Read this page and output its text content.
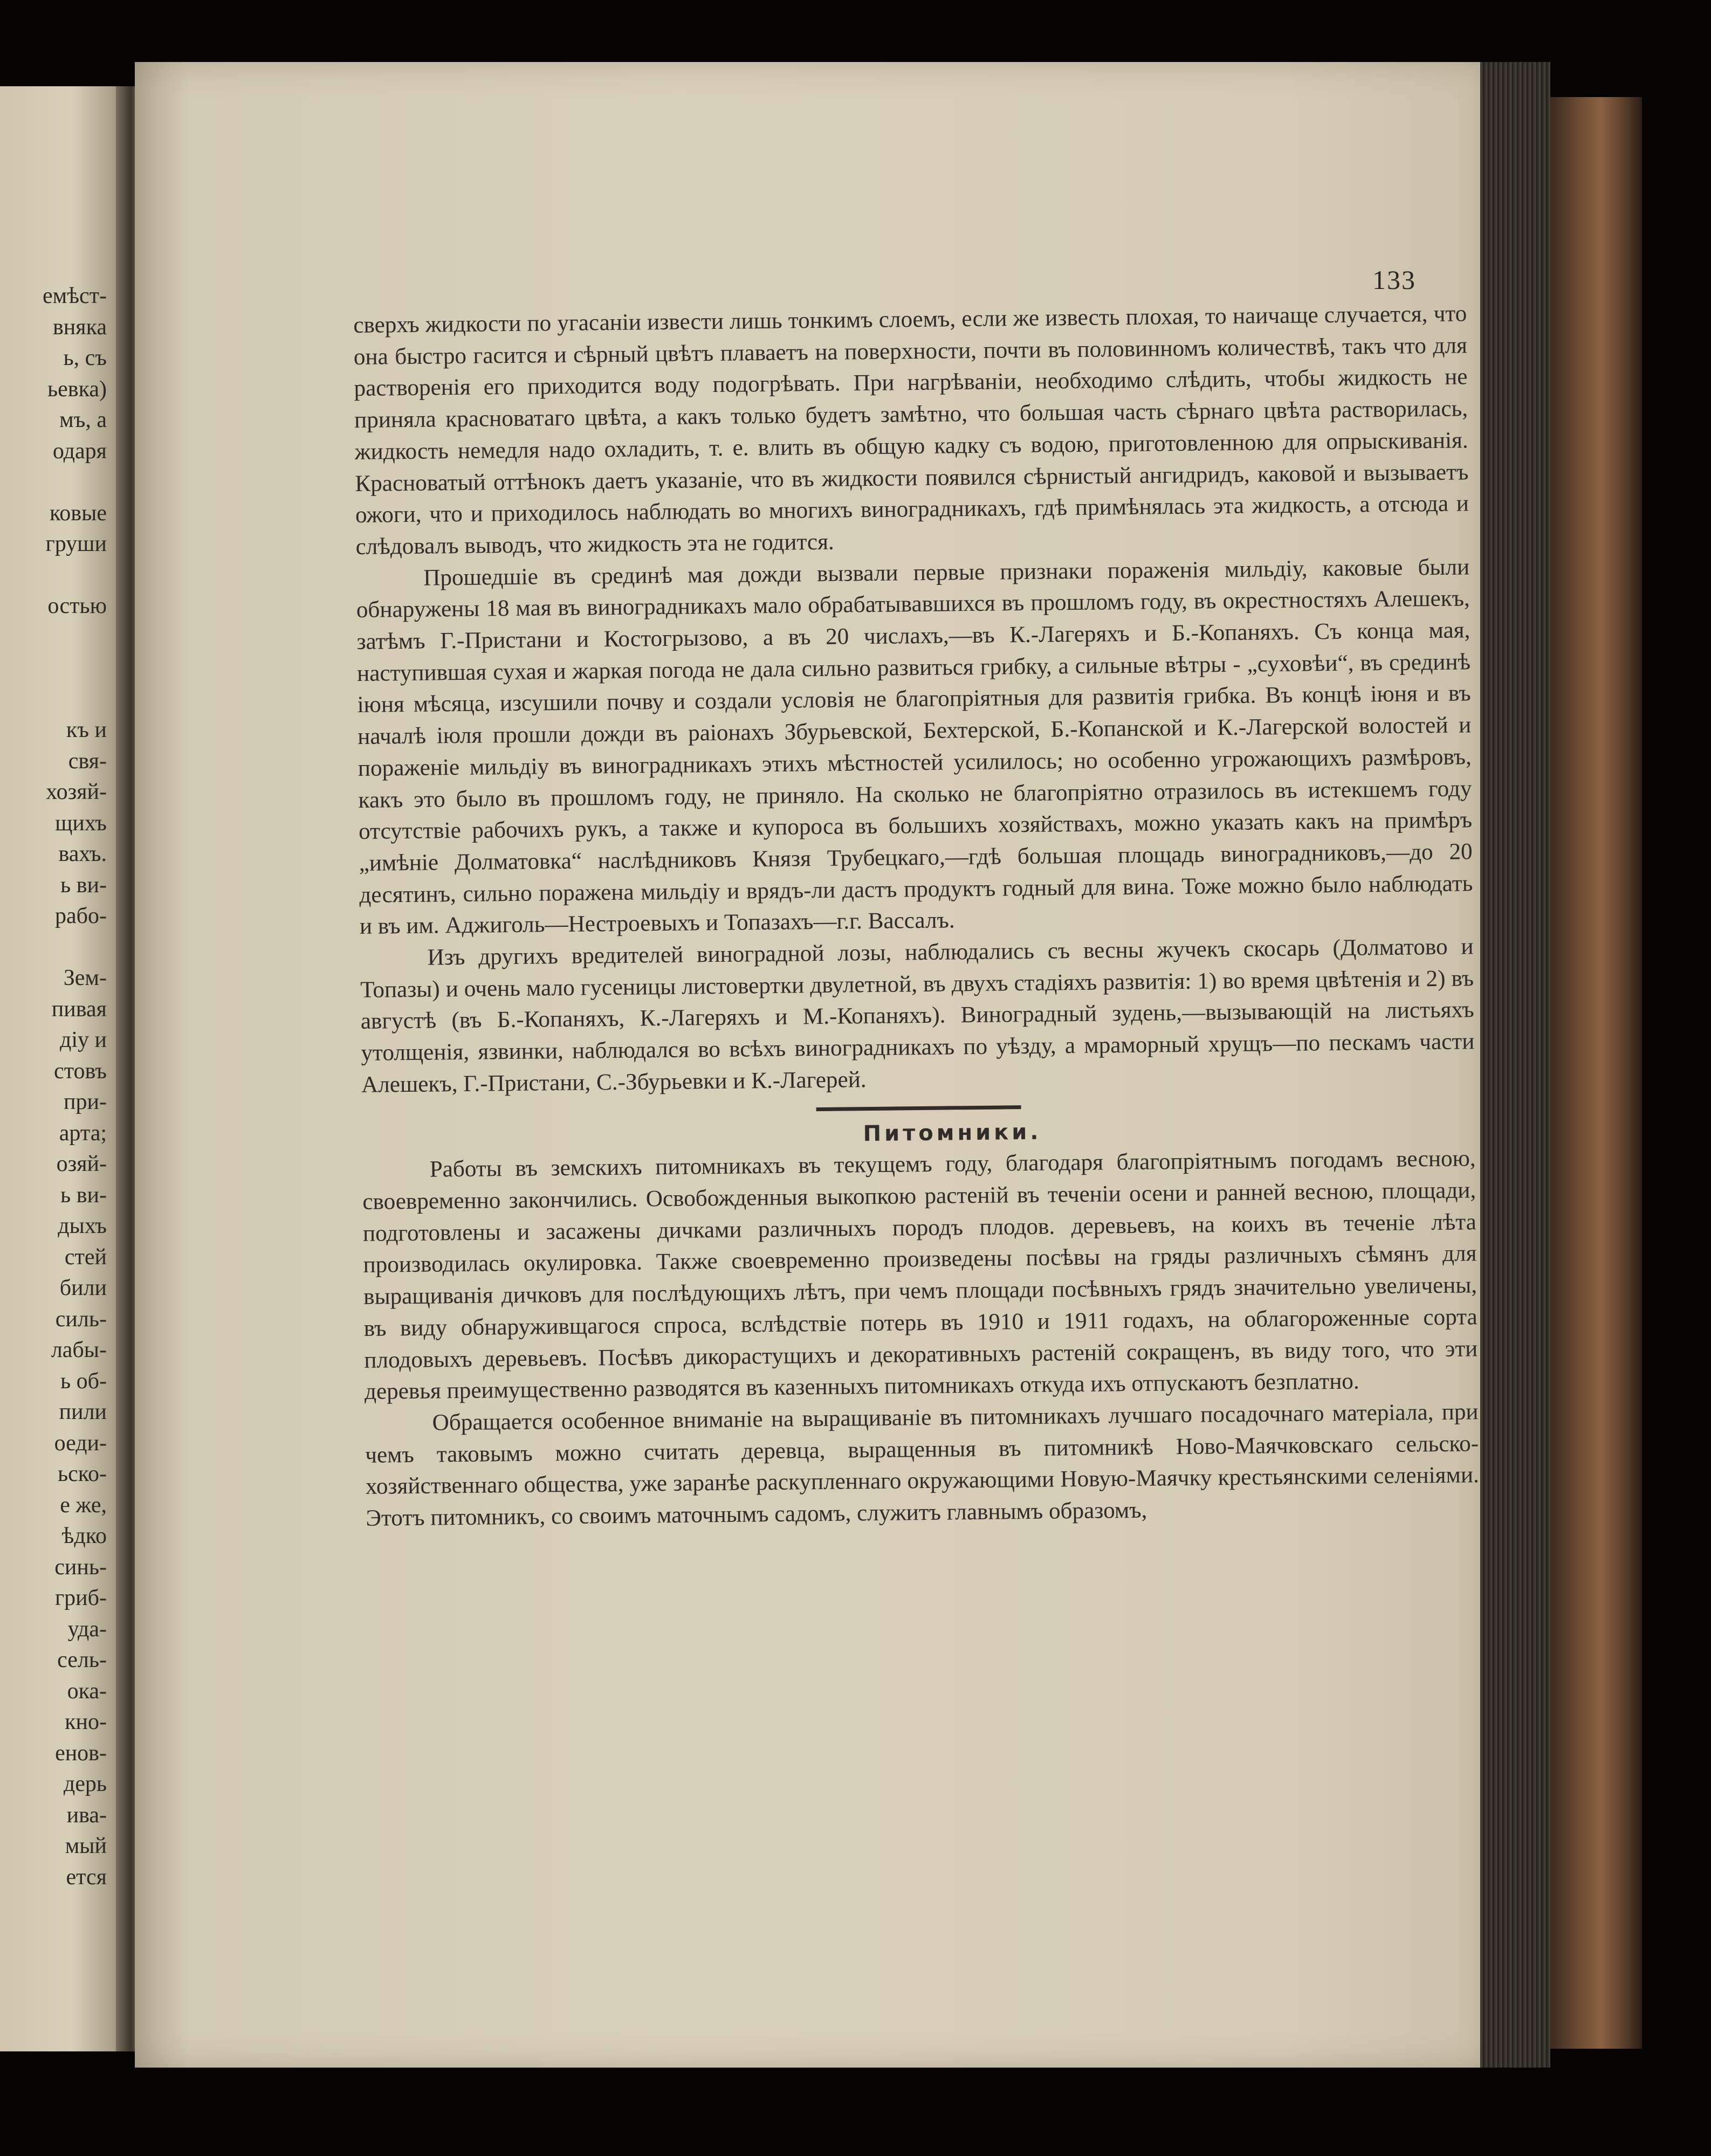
емѣст-
вняка
ь, съ
ьевка)
мъ, а
одаря
ковые
груши
остью
къ и
свя-
хозяй-
щихъ
вахъ.
ь ви-
рабо-
Зем-
пивая
дiу и
стовъ
при-
арта;
озяй-
ь ви-
дыхъ
стей
били
силь-
лабы-
ь об-
пили
оеди-
ьско-
е же,
ѣдко
синь-
гриб-
уда-
сель-
ока-
кно-
енов-
дерь
ива-
мый
ется
133

сверхъ жидкости по угасанiи извести лишь тонкимъ слоемъ, если же известь плохая, то наичаще случается, что она быстро гасится и сѣрный цвѣтъ плаваетъ на поверхности, почти въ половинномъ количествѣ, такъ что для растворенiя его приходится воду подогрѣвать. При нагрѣванiи, необходимо слѣдить, чтобы жидкость не приняла красноватаго цвѣта, а какъ только будетъ замѣтно, что большая часть сѣрнаго цвѣта растворилась, жидкость немедля надо охладить, т. е. влить въ общую кадку съ водою, приготовленною для опрыскиванiя. Красноватый оттѣнокъ даетъ указанiе, что въ жидкости появился сѣрнистый ангидридъ, каковой и вызываетъ ожоги, что и приходилось наблюдать во многихъ виноградникахъ, гдѣ примѣнялась эта жидкость, а отсюда и слѣдовалъ выводъ, что жидкость эта не годится.

Прошедшiе въ срединѣ мая дожди вызвали первые признаки пораженiя мильдiу, каковые были обнаружены 18 мая въ виноградникахъ мало обрабатывавшихся въ прошломъ году, въ окрестностяхъ Алешекъ, затѣмъ Г.-Пристани и Костогрызово, а въ 20 числахъ,—въ К.-Лагеряхъ и Б.-Копаняхъ. Съ конца мая, наступившая сухая и жаркая погода не дала сильно развиться грибку, а сильные вѣтры - „суховѣи“, въ срединѣ iюня мѣсяца, изсушили почву и создали условiя не благопрiятныя для развитiя грибка. Въ концѣ iюня и въ началѣ iюля прошли дожди въ раiонахъ Збурьевской, Бехтерской, Б.-Копанской и К.-Лагерской волостей и пораженiе мильдiу въ виноградникахъ этихъ мѣстностей усилилось; но особенно угрожающихъ размѣровъ, какъ это было въ прошломъ году, не приняло. На сколько не благопрiятно отразилось въ истекшемъ году отсутствiе рабочихъ рукъ, а также и купороса въ большихъ хозяйствахъ, можно указать какъ на примѣръ „имѣнiе Долматовка“ наслѣдниковъ Князя Трубецкаго,—гдѣ большая площадь виноградниковъ,—до 20 десятинъ, сильно поражена мильдiу и врядъ-ли дастъ продуктъ годный для вина. Тоже можно было наблюдать и въ им. Аджиголь—Нестроевыхъ и Топазахъ—г.г. Вассалъ.

Изъ другихъ вредителей виноградной лозы, наблюдались съ весны жучекъ скосарь (Долматово и Топазы) и очень мало гусеницы листовертки двулетной, въ двухъ стадiяхъ развитiя: 1) во время цвѣтенiя и 2) въ августѣ (въ Б.-Копаняхъ, К.-Лагеряхъ и М.-Копаняхъ). Виноградный зудень,—вызывающiй на листьяхъ утолщенiя, язвинки, наблюдался во всѣхъ виноградникахъ по уѣзду, а мраморный хрущъ—по пескамъ части Алешекъ, Г.-Пристани, С.-Збурьевки и К.-Лагерей.

Питомники.

Работы въ земскихъ питомникахъ въ текущемъ году, благодаря благопрiятнымъ погодамъ весною, своевременно закончились. Освобожденныя выкопкою растенiй въ теченiи осени и ранней весною, площади, подготовлены и засажены дичками различныхъ породъ плодов. деревьевъ, на коихъ въ теченiе лѣта производилась окулировка. Также своевременно произведены посѣвы на гряды различныхъ сѣмянъ для выращиванiя дичковъ для послѣдующихъ лѣтъ, при чемъ площади посѣвныхъ грядъ значительно увеличены, въ виду обнаруживщагося спроса, вслѣдствiе потерь въ 1910 и 1911 годахъ, на облагороженные сорта плодовыхъ деревьевъ. Посѣвъ дикорастущихъ и декоративныхъ растенiй сокращенъ, въ виду того, что эти деревья преимущественно разводятся въ казенныхъ питомникахъ откуда ихъ отпускаютъ безплатно.

Обращается особенное вниманiе на выращиванiе въ питомникахъ лучшаго посадочнаго матерiала, при чемъ таковымъ можно считать деревца, выращенныя въ питомникѣ Ново-Маячковскаго сельско-хозяйственнаго общества, уже заранѣе раскупленнаго окружающими Новую-Маячку крестьянскими селенiями. Этотъ питомникъ, со своимъ маточнымъ садомъ, служитъ главнымъ образомъ,
